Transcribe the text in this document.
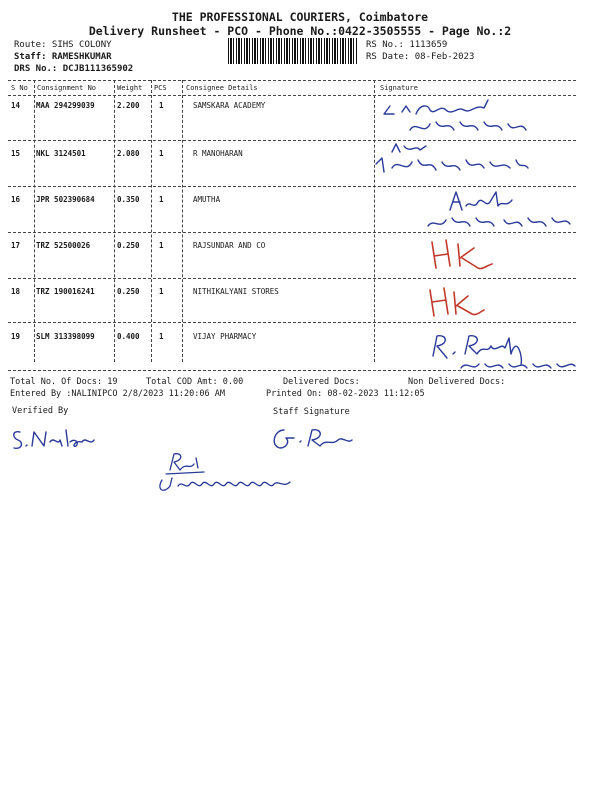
THE PROFESSIONAL COURIERS, Coimbatore
Delivery Runsheet - PCO - Phone No.:0422-3505555 - Page No.:2
Route: SIHS COLONY
Staff: RAMESHKUMAR
DRS No.: DCJB111365902
RS No.: 1113659
RS Date: 08-Feb-2023
S No Consignment No	Weight PCS	Consignee Details	Signature
14 MAA 294299039	2.200	1	SAMSKARA ACADEMY
15 NKL 3124501	2.080	1	R MANOHARAN
16 JPR 502390684	0.350	1	AMUTHA
17 TRZ 52500026	0.250	1	RAJSUNDAR AND CO
18 TRZ 190016241	0.250	1	NITHIKALYANI STORES
19 SLM 313398099	0.400	1	VIJAY PHARMACY
Total No. Of Docs: 19	Total COD Amt: 0.00	Delivered Docs:	Non Delivered Docs:
Entered By :NALINIPCO 2/8/2023 11:20:06 AM	Printed On: 08-02-2023 11:12:05
Verified By	Staff Signature
